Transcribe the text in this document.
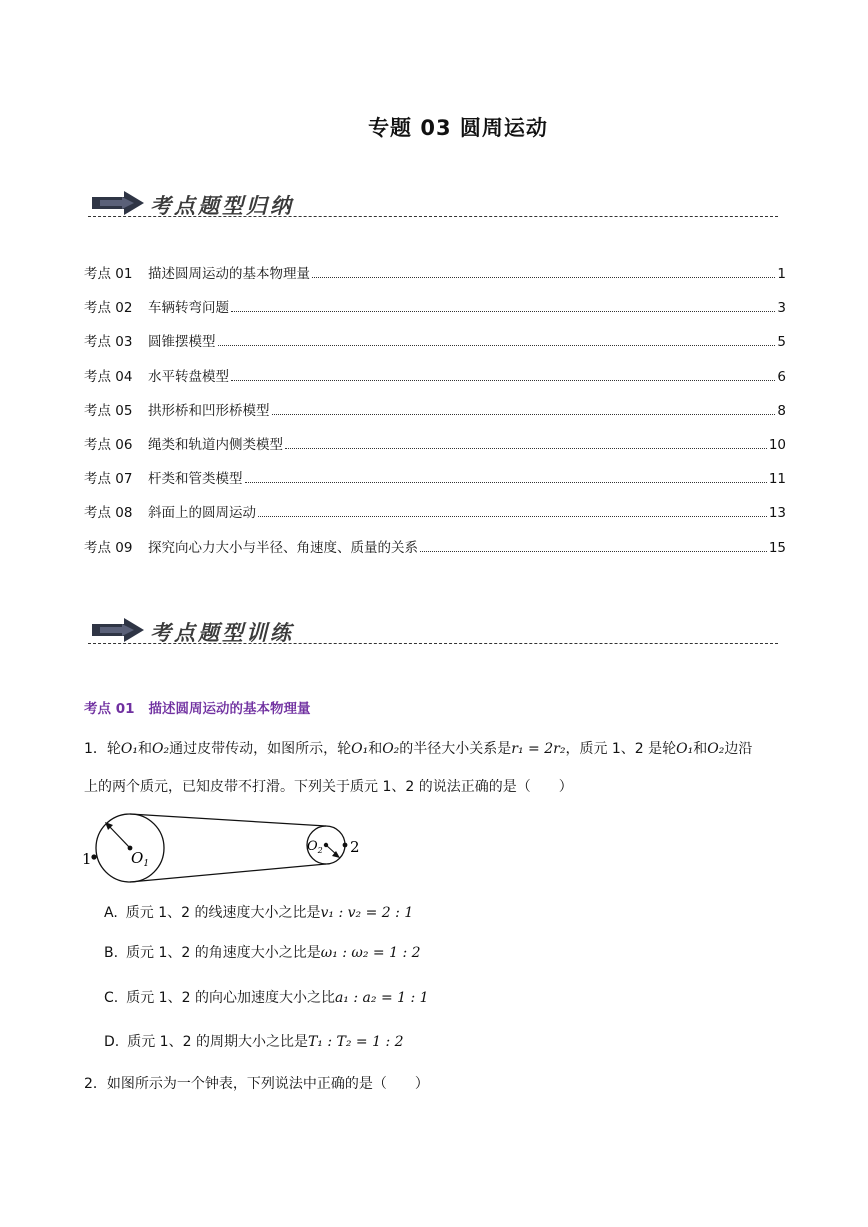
专题 03 圆周运动
考点题型归纳
考点 01	描述圆周运动的基本物理量	1
考点 02	车辆转弯问题	3
考点 03	圆锥摆模型	5
考点 04	水平转盘模型	6
考点 05	拱形桥和凹形桥模型	8
考点 06	绳类和轨道内侧类模型	10
考点 07	杆类和管类模型	11
考点 08	斜面上的圆周运动	13
考点 09	探究向心力大小与半径、角速度、质量的关系	15
考点题型训练
考点 01 描述圆周运动的基本物理量
1．轮O₁和O₂通过皮带传动，如图所示，轮O₁和O₂的半径大小关系是r₁ = 2r₂，质元 1、2 是轮O₁和O₂边沿
上的两个质元，已知皮带不打滑。下列关于质元 1、2 的说法正确的是（　　）
1	$O_1$
$O_2$ 2
A. 质元 1、2 的线速度大小之比是v₁ : v₂ = 2 : 1
B. 质元 1、2 的角速度大小之比是ω₁ : ω₂ = 1 : 2
C. 质元 1、2 的向心加速度大小之比a₁ : a₂ = 1 : 1
D. 质元 1、2 的周期大小之比是T₁ : T₂ = 1 : 2
2．如图所示为一个钟表，下列说法中正确的是（　　）
